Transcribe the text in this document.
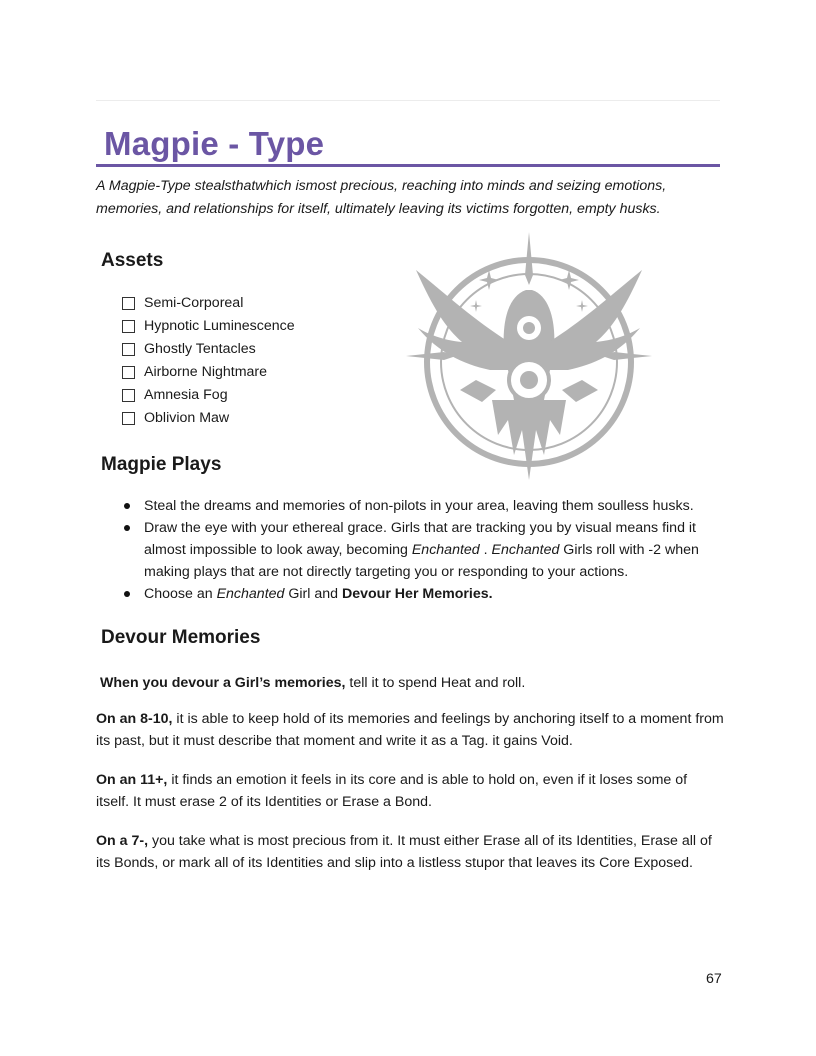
Magpie - Type

A Magpie-Type stealsthatwhich ismost precious, reaching into minds and seizing emotions, memories, and relationships for itself, ultimately leaving its victims forgotten, empty husks.

Assets
Semi-Corporeal
Hypnotic Luminescence
Ghostly Tentacles
Airborne Nightmare
Amnesia Fog
Oblivion Maw
Magpie Plays
Steal the dreams and memories of non-pilots in your area, leaving them soulless husks.
Draw the eye with your ethereal grace. Girls that are tracking you by visual means find it almost impossible to look away, becoming Enchanted . Enchanted Girls roll with -2 when making plays that are not directly targeting you or responding to your actions.
Choose an Enchanted Girl and Devour Her Memories.
Devour Memories

When you devour a Girl’s memories, tell it to spend Heat and roll.

On an 8-10, it is able to keep hold of its memories and feelings by anchoring itself to a moment from its past, but it must describe that moment and write it as a Tag. it gains Void.

On an 11+, it finds an emotion it feels in its core and is able to hold on, even if it loses some of itself. It must erase 2 of its Identities or Erase a Bond.

On a 7-, you take what is most precious from it. It must either Erase all of its Identities, Erase all of its Bonds, or mark all of its Identities and slip into a listless stupor that leaves its Core Exposed.

67
